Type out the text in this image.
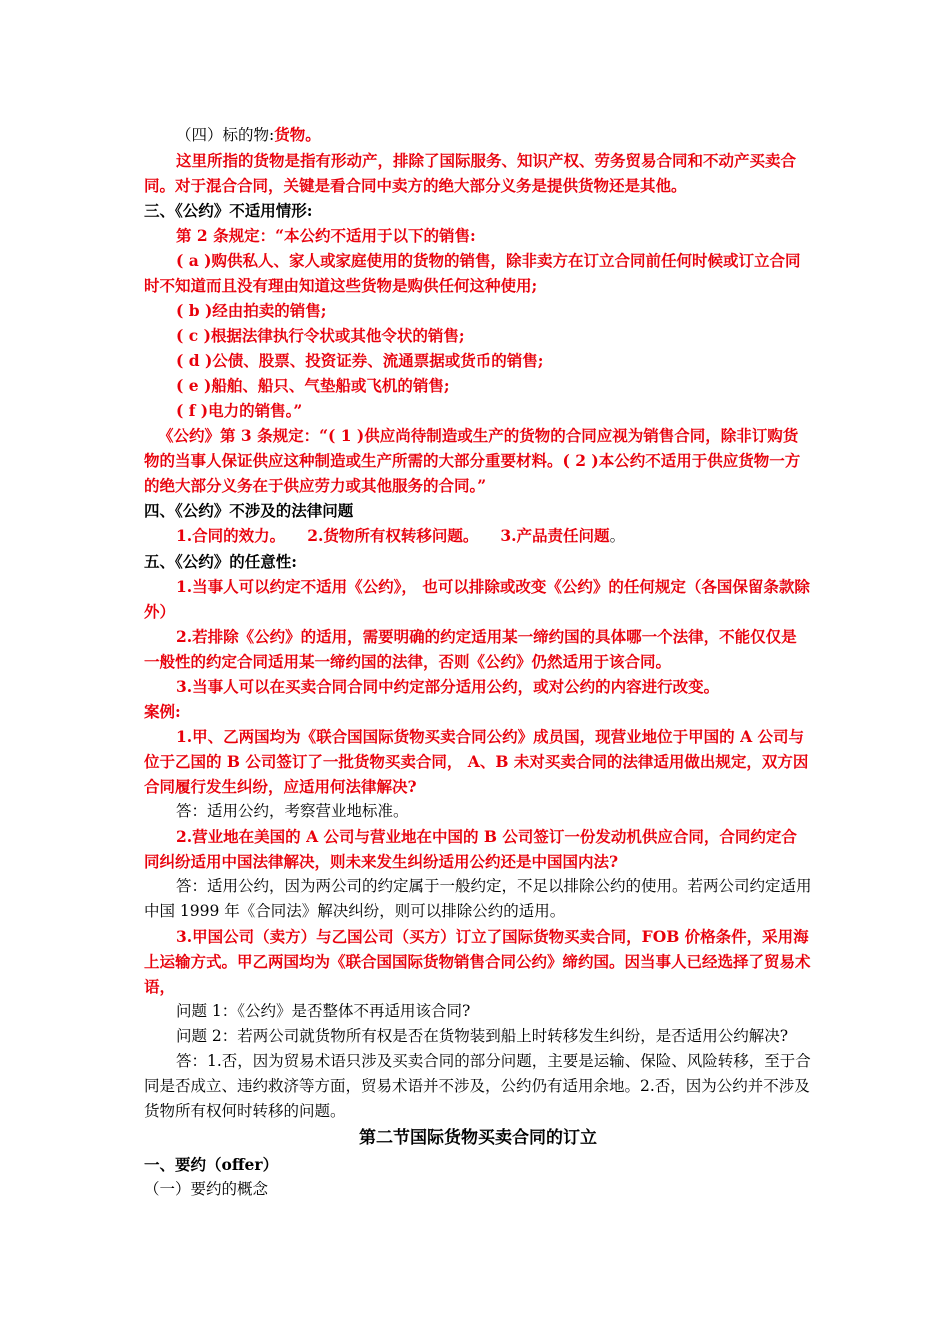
（四）标的物:货物。

这里所指的货物是指有形动产，排除了国际服务、知识产权、劳务贸易合同和不动产买卖合同。对于混合合同，关键是看合同中卖方的绝大部分义务是提供货物还是其他。

三、《公约》不适用情形:

第 2 条规定：“本公约不适用于以下的销售:

( a )购供私人、家人或家庭使用的货物的销售，除非卖方在订立合同前任何时候或订立合同时不知道而且没有理由知道这些货物是购供任何这种使用;

( b )经由拍卖的销售;

( c )根据法律执行令状或其他令状的销售;

( d )公债、股票、投资证券、流通票据或货币的销售;

( e )船舶、船只、气垫船或飞机的销售;

( f )电力的销售。”

《公约》第 3 条规定：“( 1 )供应尚待制造或生产的货物的合同应视为销售合同，除非订购货物的当事人保证供应这种制造或生产所需的大部分重要材料。( 2 )本公约不适用于供应货物一方的绝大部分义务在于供应劳力或其他服务的合同。”

四、《公约》不涉及的法律问题

1.合同的效力。 2.货物所有权转移问题。 3.产品责任问题。

五、《公约》的任意性:

1.当事人可以约定不适用《公约》， 也可以排除或改变《公约》的任何规定（各国保留条款除外）

2.若排除《公约》的适用，需要明确的约定适用某一缔约国的具体哪一个法律，不能仅仅是一般性的约定合同适用某一缔约国的法律，否则《公约》仍然适用于该合同。

3.当事人可以在买卖合同合同中约定部分适用公约，或对公约的内容进行改变。

案例:

1.甲、乙两国均为《联合国国际货物买卖合同公约》成员国，现营业地位于甲国的 A 公司与位于乙国的 B 公司签订了一批货物买卖合同， A、B 未对买卖合同的法律适用做出规定，双方因合同履行发生纠纷，应适用何法律解决?

答：适用公约，考察营业地标准。

2.营业地在美国的 A 公司与营业地在中国的 B 公司签订一份发动机供应合同，合同约定合同纠纷适用中国法律解决，则未来发生纠纷适用公约还是中国国内法?

答：适用公约，因为两公司的约定属于一般约定，不足以排除公约的使用。若两公司约定适用中国 1999 年《合同法》解决纠纷，则可以排除公约的适用。

3.甲国公司（卖方）与乙国公司（买方）订立了国际货物买卖合同，FOB 价格条件，采用海上运输方式。甲乙两国均为《联合国国际货物销售合同公约》缔约国。因当事人已经选择了贸易术语，

问题 1：《公约》是否整体不再适用该合同?

问题 2：若两公司就货物所有权是否在货物装到船上时转移发生纠纷，是否适用公约解决?

答：1.否，因为贸易术语只涉及买卖合同的部分问题，主要是运输、保险、风险转移，至于合同是否成立、违约救济等方面，贸易术语并不涉及，公约仍有适用余地。2.否，因为公约并不涉及货物所有权何时转移的问题。

第二节国际货物买卖合同的订立

一、要约（offer）

（一）要约的概念
